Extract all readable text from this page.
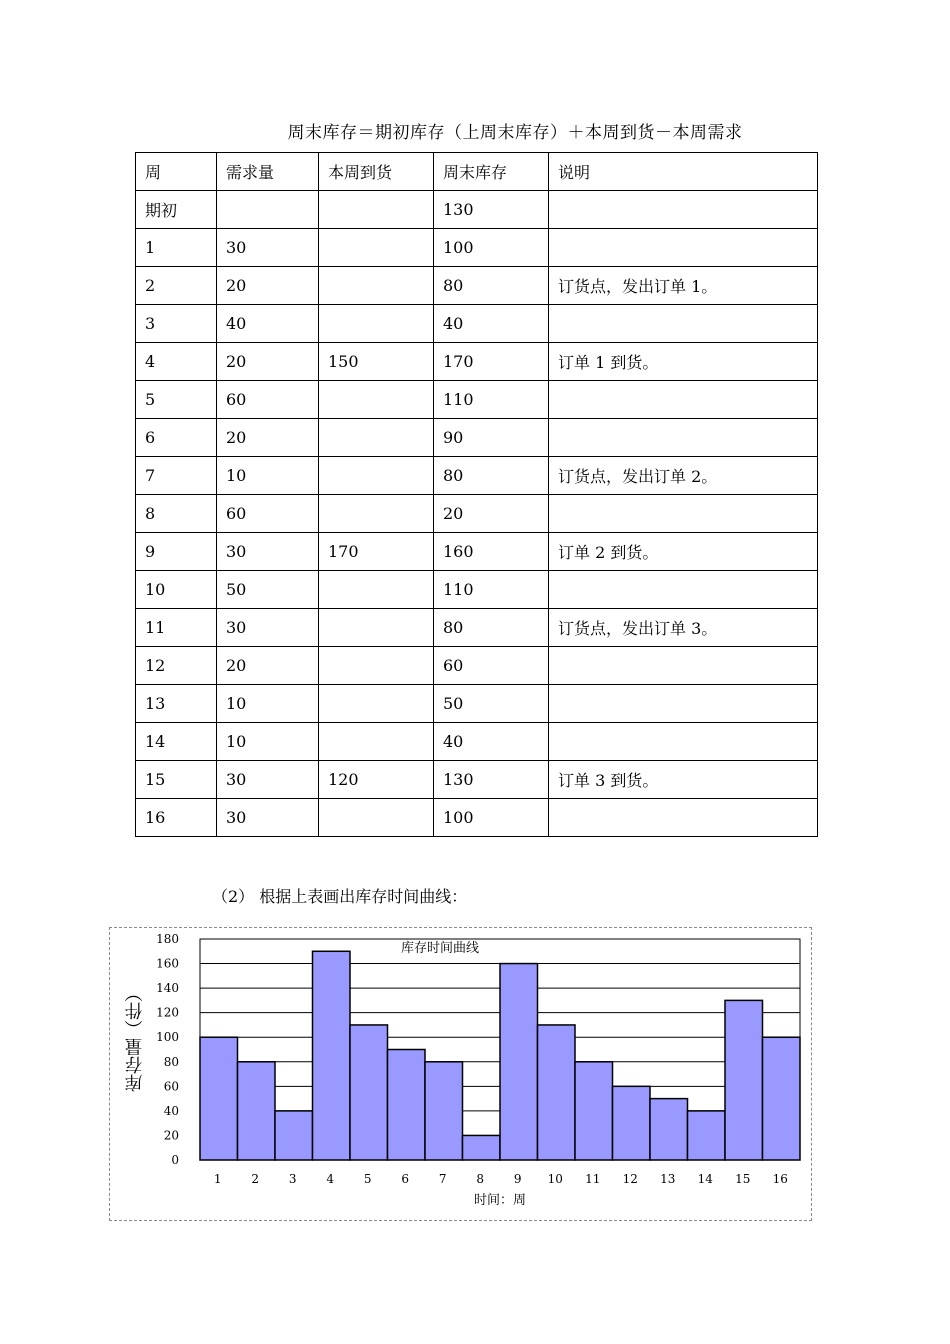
周末库存＝期初库存（上周末库存）＋本周到货－本周需求
周	需求量	本周到货	周末库存	说明
期初			130	
1	30		100	
2	20		80	订货点，发出订单 1。
3	40		40	
4	20	150	170	订单 1 到货。
5	60		110	
6	20		90	
7	10		80	订货点，发出订单 2。
8	60		20	
9	30	170	160	订单 2 到货。
10	50		110	
11	30		80	订货点，发出订单 3。
12	20		60	
13	10		50	
14	10		40	
15	30	120	130	订单 3 到货。
16	30		100	
（2） 根据上表画出库存时间曲线：
0
20
40
60
80
100
120
140
160
180
1 2 3 4 5 6 7 8 9 10 11 12 13 14 15 16
库存时间曲线
时间：周
库存量（件）
